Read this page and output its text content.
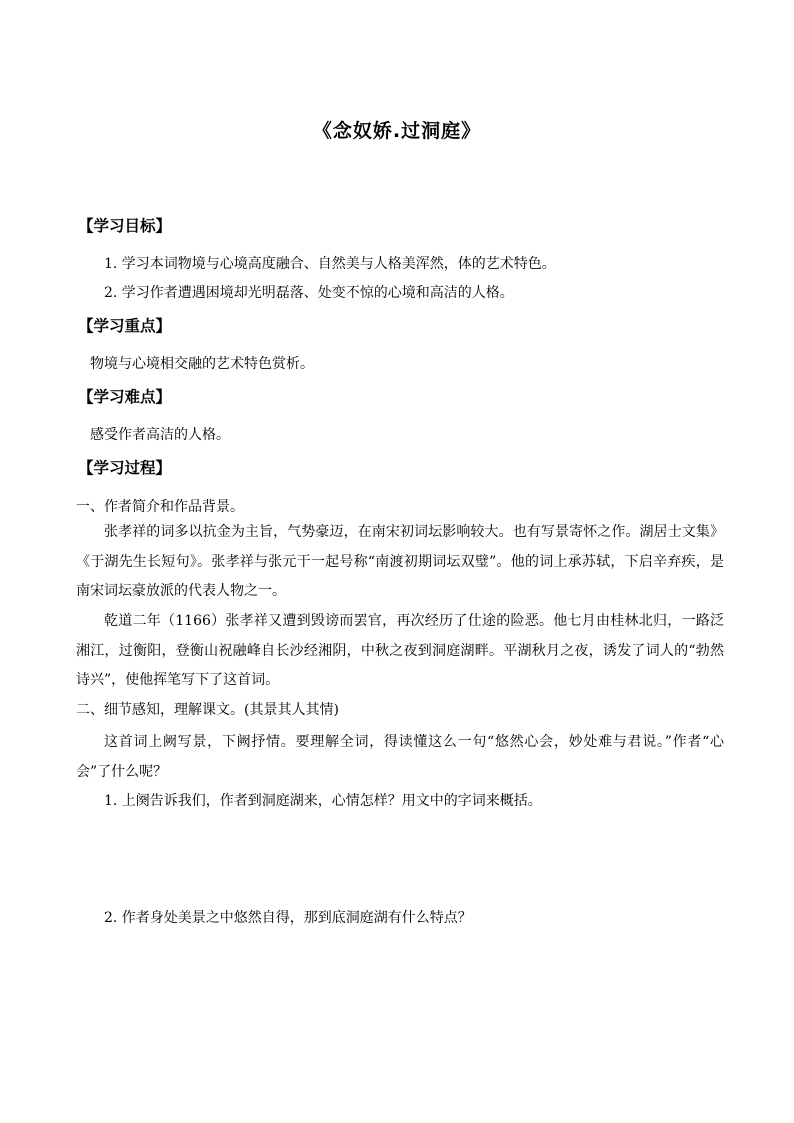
《念奴娇.过洞庭》
【学习目标】
1. 学习本词物境与心境高度融合、自然美与人格美浑然，体的艺术特色。
2. 学习作者遭遇困境却光明磊落、处变不惊的心境和高洁的人格。
【学习重点】
物境与心境相交融的艺术特色赏析。
【学习难点】
感受作者高洁的人格。
【学习过程】
一、作者简介和作品背景。
张孝祥的词多以抗金为主旨，气势豪迈，在南宋初词坛影响较大。也有写景寄怀之作。湖居士文集》《于湖先生长短句》。张孝祥与张元干一起号称“南渡初期词坛双璧”。他的词上承苏轼，下启辛弃疾，是南宋词坛豪放派的代表人物之一。
乾道二年（1166）张孝祥又遭到毁谤而罢官，再次经历了仕途的险恶。他七月由桂林北归，一路泛湘江，过衡阳，登衡山祝融峰自长沙经湘阴，中秋之夜到洞庭湖畔。平湖秋月之夜，诱发了词人的“勃然诗兴”，使他挥笔写下了这首词。
二、细节感知，理解课文。(其景其人其情)
这首词上阙写景，下阙抒情。要理解全词，得读懂这么一句“悠然心会，妙处难与君说。”作者“心会”了什么呢？
1. 上阕告诉我们，作者到洞庭湖来，心情怎样？用文中的字词来概括。
2. 作者身处美景之中悠然自得，那到底洞庭湖有什么特点？
